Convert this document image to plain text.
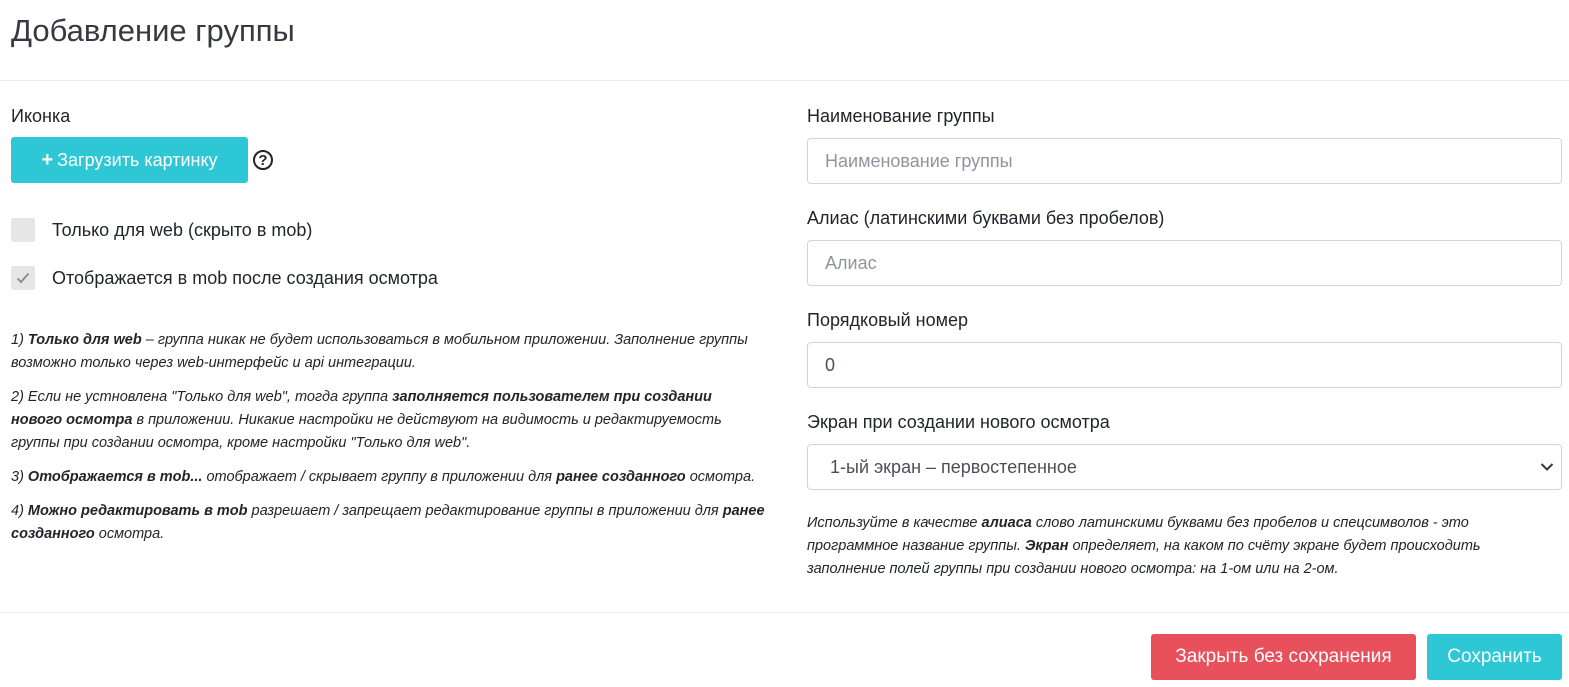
Добавление группы
Иконка
+ Загрузить картинку	?
Только для web (скрыто в mob)
Отображается в mob после создания осмотра

1) Только для web – группа никак не будет использоваться в мобильном приложении. Заполнение группы возможно только через web-интерфейс и api интеграции.

2) Если не устновлена "Только для web", тогда группа заполняется пользователем при создании нового осмотра в приложении. Никакие настройки не действуют на видимость и редактируемость группы при создании осмотра, кроме настройки "Только для web".

3) Отображается в mob... отображает / скрывает группу в приложении для ранее созданного осмотра.

4) Можно редактировать в mob разрешает / запрещает редактирование группы в приложении для ранее созданного осмотра.

Наименование группы
Наименование группы
Алиас (латинскими буквами без пробелов)
Алиас
Порядковый номер
0
Экран при создании нового осмотра
1-ый экран – первостепенное
Используйте в качестве алиаса слово латинскими буквами без пробелов и спецсимволов - это программное название группы. Экран определяет, на каком по счёту экране будет происходить заполнение полей группы при создании нового осмотра: на 1-ом или на 2-ом.
Закрыть без сохранения	Сохранить
